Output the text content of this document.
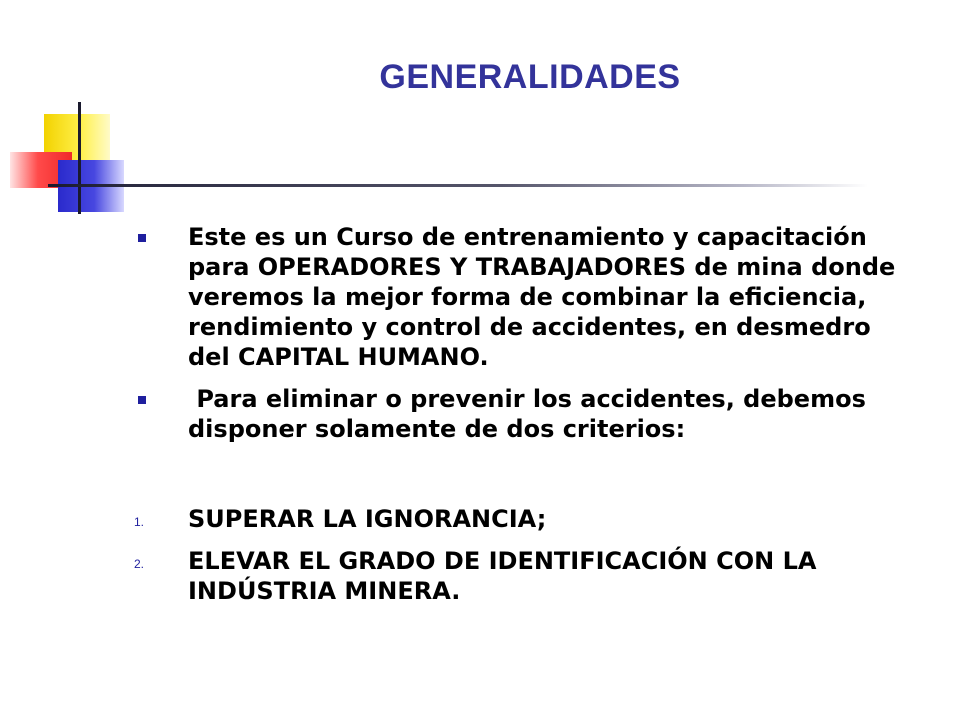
GENERALIDADES
Este es un Curso de entrenamiento y capacitación para OPERADORES Y TRABAJADORES de mina donde veremos la mejor forma de combinar la eficiencia, rendimiento y control de accidentes, en desmedro del CAPITAL HUMANO.
Para eliminar o prevenir los accidentes, debemos disponer solamente de dos criterios:
1. SUPERAR LA IGNORANCIA;
2. ELEVAR EL GRADO DE IDENTIFICACIÓN CON LA INDÚSTRIA MINERA.
